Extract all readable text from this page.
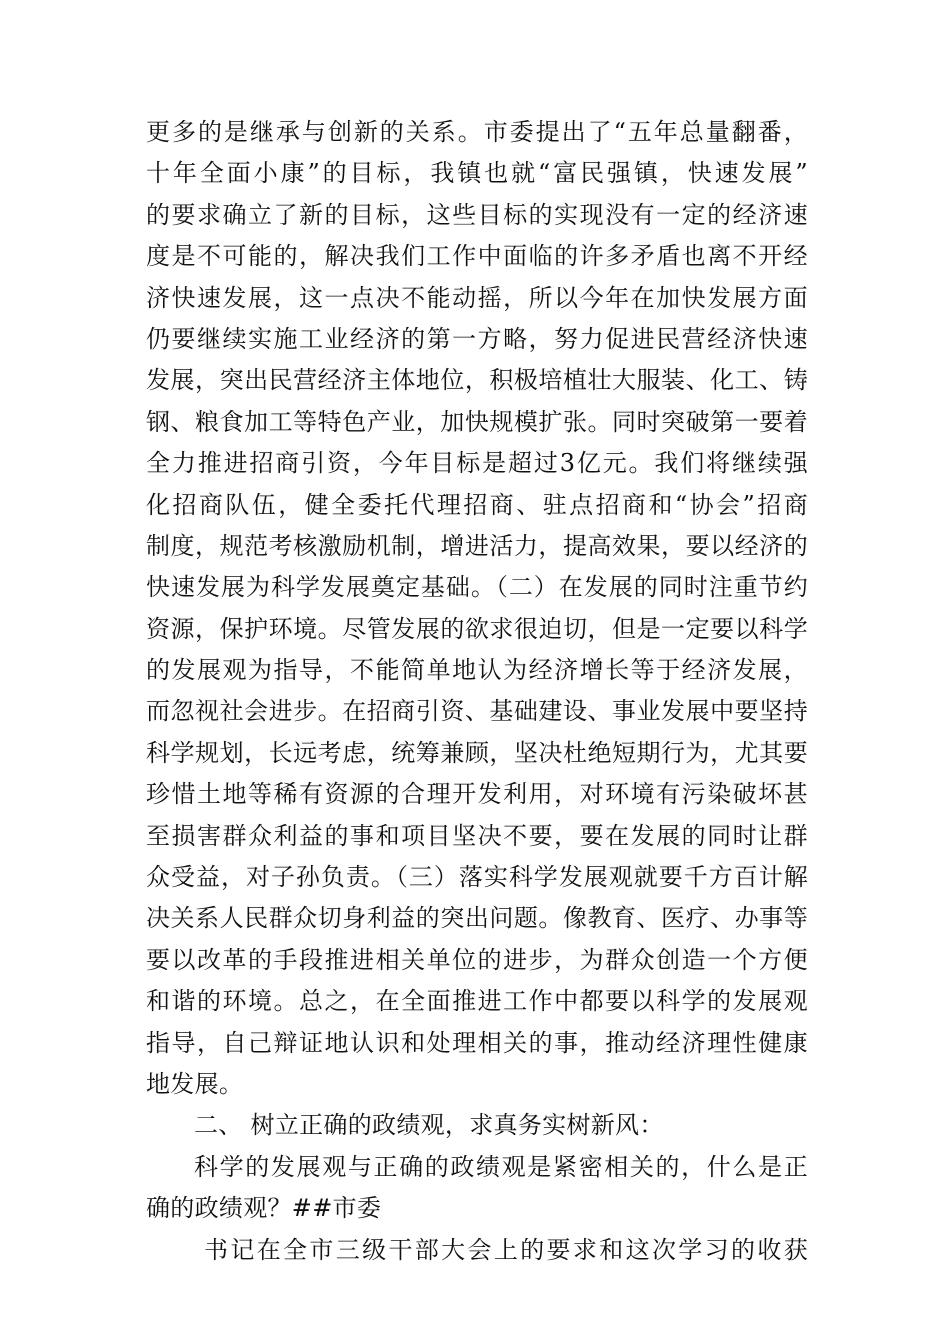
更多的是继承与创新的关系。市委提出了“五年总量翻番，
十年全面小康”的目标，我镇也就“富民强镇，快速发展”
的要求确立了新的目标，这些目标的实现没有一定的经济速
度是不可能的，解决我们工作中面临的许多矛盾也离不开经
济快速发展，这一点决不能动摇，所以今年在加快发展方面
仍要继续实施工业经济的第一方略，努力促进民营经济快速
发展，突出民营经济主体地位，积极培植壮大服装、化工、铸
钢、粮食加工等特色产业，加快规模扩张。同时突破第一要着
全力推进招商引资，今年目标是超过3亿元。我们将继续强
化招商队伍，健全委托代理招商、驻点招商和“协会”招商
制度，规范考核激励机制，增进活力，提高效果，要以经济的
快速发展为科学发展奠定基础。（二）在发展的同时注重节约
资源，保护环境。尽管发展的欲求很迫切，但是一定要以科学
的发展观为指导，不能简单地认为经济增长等于经济发展，
而忽视社会进步。在招商引资、基础建设、事业发展中要坚持
科学规划，长远考虑，统筹兼顾，坚决杜绝短期行为，尤其要
珍惜土地等稀有资源的合理开发利用，对环境有污染破坏甚
至损害群众利益的事和项目坚决不要，要在发展的同时让群
众受益，对子孙负责。（三）落实科学发展观就要千方百计解
决关系人民群众切身利益的突出问题。像教育、医疗、办事等
要以改革的手段推进相关单位的进步，为群众创造一个方便
和谐的环境。总之，在全面推进工作中都要以科学的发展观
指导，自己辩证地认识和处理相关的事，推动经济理性健康
地发展。
二、 树立正确的政绩观，求真务实树新风：
科学的发展观与正确的政绩观是紧密相关的，什么是正
确的政绩观？##市委
书记在全市三级干部大会上的要求和这次学习的收获
